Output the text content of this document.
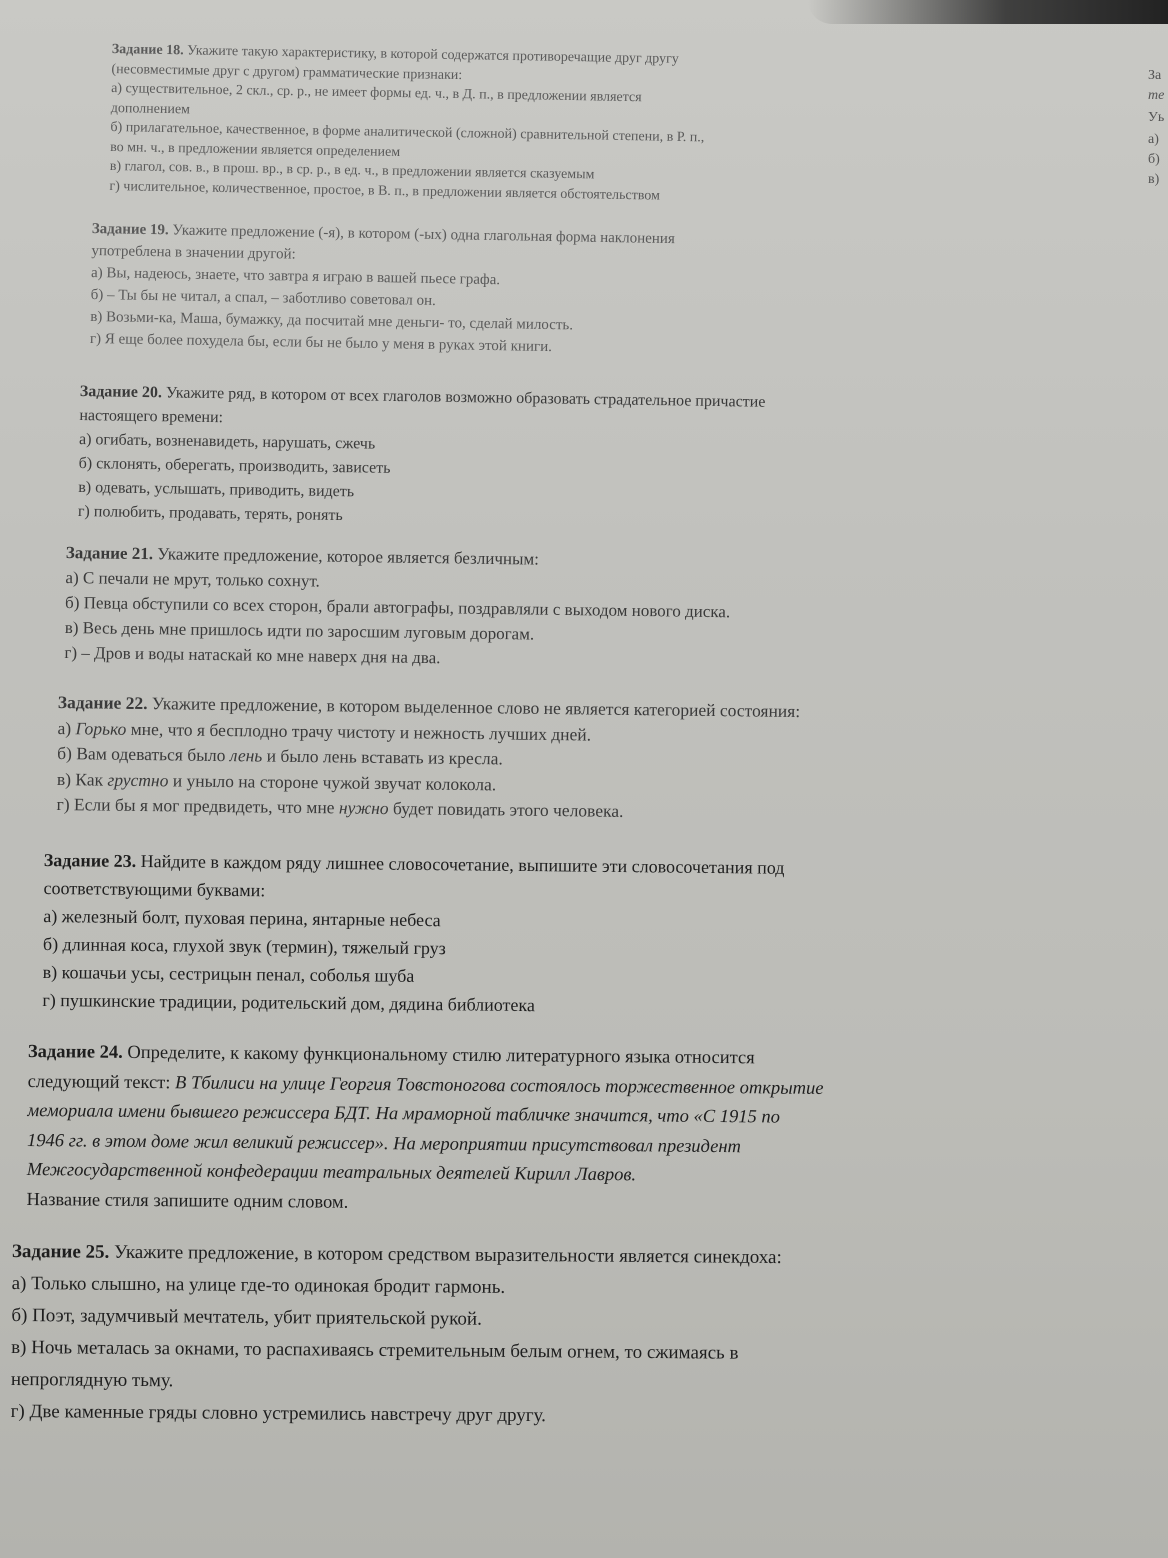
За
те
Уь
а)
б)
в)

Задание 18. Укажите такую характеристику, в которой содержатся противоречащие друг другу

(несовместимые друг с другом) грамматические признаки:

а) существительное, 2 скл., ср. р., не имеет формы ед. ч., в Д. п., в предложении является

дополнением

б) прилагательное, качественное, в форме аналитической (сложной) сравнительной степени, в Р. п.,

во мн. ч., в предложении является определением

в) глагол, сов. в., в прош. вр., в ср. р., в ед. ч., в предложении является сказуемым

г) числительное, количественное, простое, в В. п., в предложении является обстоятельством

Задание 19. Укажите предложение (-я), в котором (-ых) одна глагольная форма наклонения

употреблена в значении другой:

а) Вы, надеюсь, знаете, что завтра я играю в вашей пьесе графа.

б) – Ты бы не читал, а спал, – заботливо советовал он.

в) Возьми-ка, Маша, бумажку, да посчитай мне деньги- то, сделай милость.

г) Я еще более похудела бы, если бы не было у меня в руках этой книги.

Задание 20. Укажите ряд, в котором от всех глаголов возможно образовать страдательное причастие

настоящего времени:

а) огибать, возненавидеть, нарушать, сжечь

б) склонять, оберегать, производить, зависеть

в) одевать, услышать, приводить, видеть

г) полюбить, продавать, терять, ронять

Задание 21. Укажите предложение, которое является безличным:

а) С печали не мрут, только сохнут.

б) Певца обступили со всех сторон, брали автографы, поздравляли с выходом нового диска.

в) Весь день мне пришлось идти по заросшим луговым дорогам.

г) – Дров и воды натаскай ко мне наверх дня на два.

Задание 22. Укажите предложение, в котором выделенное слово не является категорией состояния:

а) Горько мне, что я бесплодно трачу чистоту и нежность лучших дней.

б) Вам одеваться было лень и было лень вставать из кресла.

в) Как грустно и уныло на стороне чужой звучат колокола.

г) Если бы я мог предвидеть, что мне нужно будет повидать этого человека.

Задание 23. Найдите в каждом ряду лишнее словосочетание, выпишите эти словосочетания под

соответствующими буквами:

а) железный болт, пуховая перина, янтарные небеса

б) длинная коса, глухой звук (термин), тяжелый груз

в) кошачьи усы, сестрицын пенал, соболья шуба

г) пушкинские традиции, родительский дом, дядина библиотека

Задание 24. Определите, к какому функциональному стилю литературного языка относится

следующий текст: В Тбилиси на улице Георгия Товстоногова состоялось торжественное открытие

мемориала имени бывшего режиссера БДТ. На мраморной табличке значится, что «С 1915 по

1946 гг. в этом доме жил великий режиссер». На мероприятии присутствовал президент

Межгосударственной конфедерации театральных деятелей Кирилл Лавров.

Название стиля запишите одним словом.

Задание 25. Укажите предложение, в котором средством выразительности является синекдоха:

а) Только слышно, на улице где-то одинокая бродит гармонь.

б) Поэт, задумчивый мечтатель, убит приятельской рукой.

в) Ночь металась за окнами, то распахиваясь стремительным белым огнем, то сжимаясь в

непроглядную тьму.

г) Две каменные гряды словно устремились навстречу друг другу.
